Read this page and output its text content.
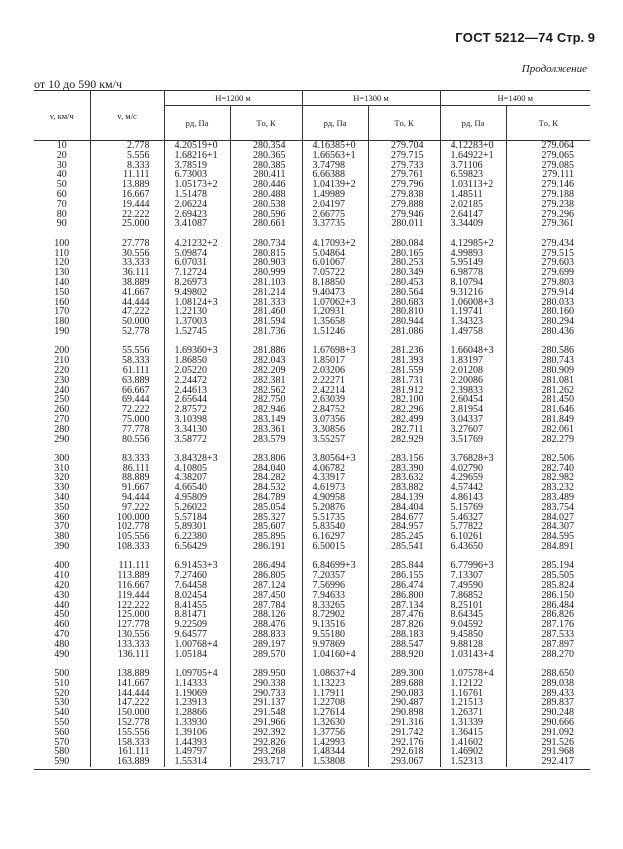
ГОСТ 5212—74 Стр. 9
Продолжение
от 10 до 590 км/ч
v, км/ч	v, м/с	H=1200 м		H=1300 м		H=1400 м	
		pд, Па	Tо, К	pд, Па	Tо, К	pд, Па	Tо, К
10	2.778	4.20519+0	280.354	4.16385+0	279.704	4.12283+0	279.064
20	5.556	1.68216+1	280.365	1.66563+1	279.715	1.64922+1	279.065
30	8.333	3.78519	280.385	3.74798	279.733	3.71106	279.085
40	11.111	6.73003	280.411	6.66388	279.761	6.59823	279.111
50	13.889	1.05173+2	280.446	1.04139+2	279.796	1.03113+2	279.146
60	16.667	1.51478	280.488	1.49989	279.838	1.48511	279.188
70	19.444	2.06224	280.538	2.04197	279.888	2.02185	279.238
80	22.222	2.69423	280.596	2.66775	279.946	2.64147	279.296
90	25.000	3.41087	280.661	3.37735	280.011	3.34409	279.361

100	27.778	4.21232+2	280.734	4.17093+2	280.084	4.12985+2	279.434
110	30.556	5.09874	280.815	5.04864	280.165	4.99893	279.515
120	33.333	6.07031	280.903	6.01067	280.253	5.95149	279.603
130	36.111	7.12724	280.999	7.05722	280.349	6.98778	279.699
140	38.889	8.26973	281.103	8.18850	280.453	8.10794	279.803
150	41.667	9.49802	281.214	9.40473	280.564	9.31216	279.914
160	44.444	1.08124+3	281.333	1.07062+3	280.683	1.06008+3	280.033
170	47.222	1.22130	281.460	1.20931	280.810	1.19741	280.160
180	50.000	1.37003	281.594	1.35658	280.944	1.34323	280.294
190	52.778	1.52745	281.736	1.51246	281.086	1.49758	280.436

200	55.556	1.69360+3	281.886	1.67698+3	281.236	1.66048+3	280.586
210	58.333	1.86850	282.043	1.85017	281.393	1.83197	280.743
220	61.111	2.05220	282.209	2.03206	281.559	2.01208	280.909
230	63.889	2.24472	282.381	2.22271	281.731	2.20086	281.081
240	66.667	2.44613	282.562	2.42214	281.912	2.39833	281.262
250	69.444	2.65644	282.750	2.63039	282.100	2.60454	281.450
260	72.222	2.87572	282.946	2.84752	282.296	2.81954	281.646
270	75.000	3.10398	283.149	3.07356	282.499	3.04337	281.849
280	77.778	3.34130	283.361	3.30856	282.711	3.27607	282.061
290	80.556	3.58772	283.579	3.55257	282.929	3.51769	282.279

300	83.333	3.84328+3	283.806	3.80564+3	283.156	3.76828+3	282.506
310	86.111	4.10805	284.040	4.06782	283.390	4.02790	282.740
320	88.889	4.38207	284.282	4.33917	283.632	4.29659	282.982
330	91.667	4.66540	284.532	4.61973	283.882	4.57442	283.232
340	94.444	4.95809	284.789	4.90958	284.139	4.86143	283.489
350	97.222	5.26022	285.054	5.20876	284.404	5.15769	283.754
360	100.000	5.57184	285.327	5.51735	284.677	5.46327	284.027
370	102.778	5.89301	285.607	5.83540	284.957	5.77822	284.307
380	105.556	6.22380	285.895	6.16297	285.245	6.10261	284.595
390	108.333	6.56429	286.191	6.50015	285.541	6.43650	284.891

400	111.111	6.91453+3	286.494	6.84699+3	285.844	6.77996+3	285.194
410	113.889	7.27460	286.805	7.20357	286.155	7.13307	285.505
420	116.667	7.64458	287.124	7.56996	286.474	7.49590	285.824
430	119.444	8.02454	287.450	7.94633	286.800	7.86852	286.150
440	122.222	8.41455	287.784	8.33265	287.134	8.25101	286.484
450	125.000	8.81471	288.126	8.72902	287.476	8.64345	286.826
460	127.778	9.22509	288.476	9.13516	287.826	9.04592	287.176
470	130.556	9.64577	288.833	9.55180	288.183	9.45850	287.533
480	133.333	1.00768+4	289.197	9.97869	288.547	9.88128	287.897
490	136.111	1.05184	289.570	1.04160+4	288.920	1.03143+4	288.270

500	138.889	1.09705+4	289.950	1.08637+4	289.300	1.07578+4	288.650
510	141.667	1.14333	290.338	1.13223	289.688	1.12122	289.038
520	144.444	1.19069	290.733	1.17911	290.083	1.16761	289.433
530	147.222	1.23913	291.137	1.22708	290.487	1.21513	289.837
540	150.000	1.28866	291.548	1.27614	290.898	1.26371	290.248
550	152.778	1.33930	291.966	1.32630	291.316	1.31339	290.666
560	155.556	1.39106	292.392	1.37756	291.742	1.36415	291.092
570	158.333	1.44393	292.826	1.42993	292.176	1.41602	291.526
580	161.111	1.49797	293.268	1.48344	292.618	1.46902	291.968
590	163.889	1.55314	293.717	1.53808	293.067	1.52313	292.417
